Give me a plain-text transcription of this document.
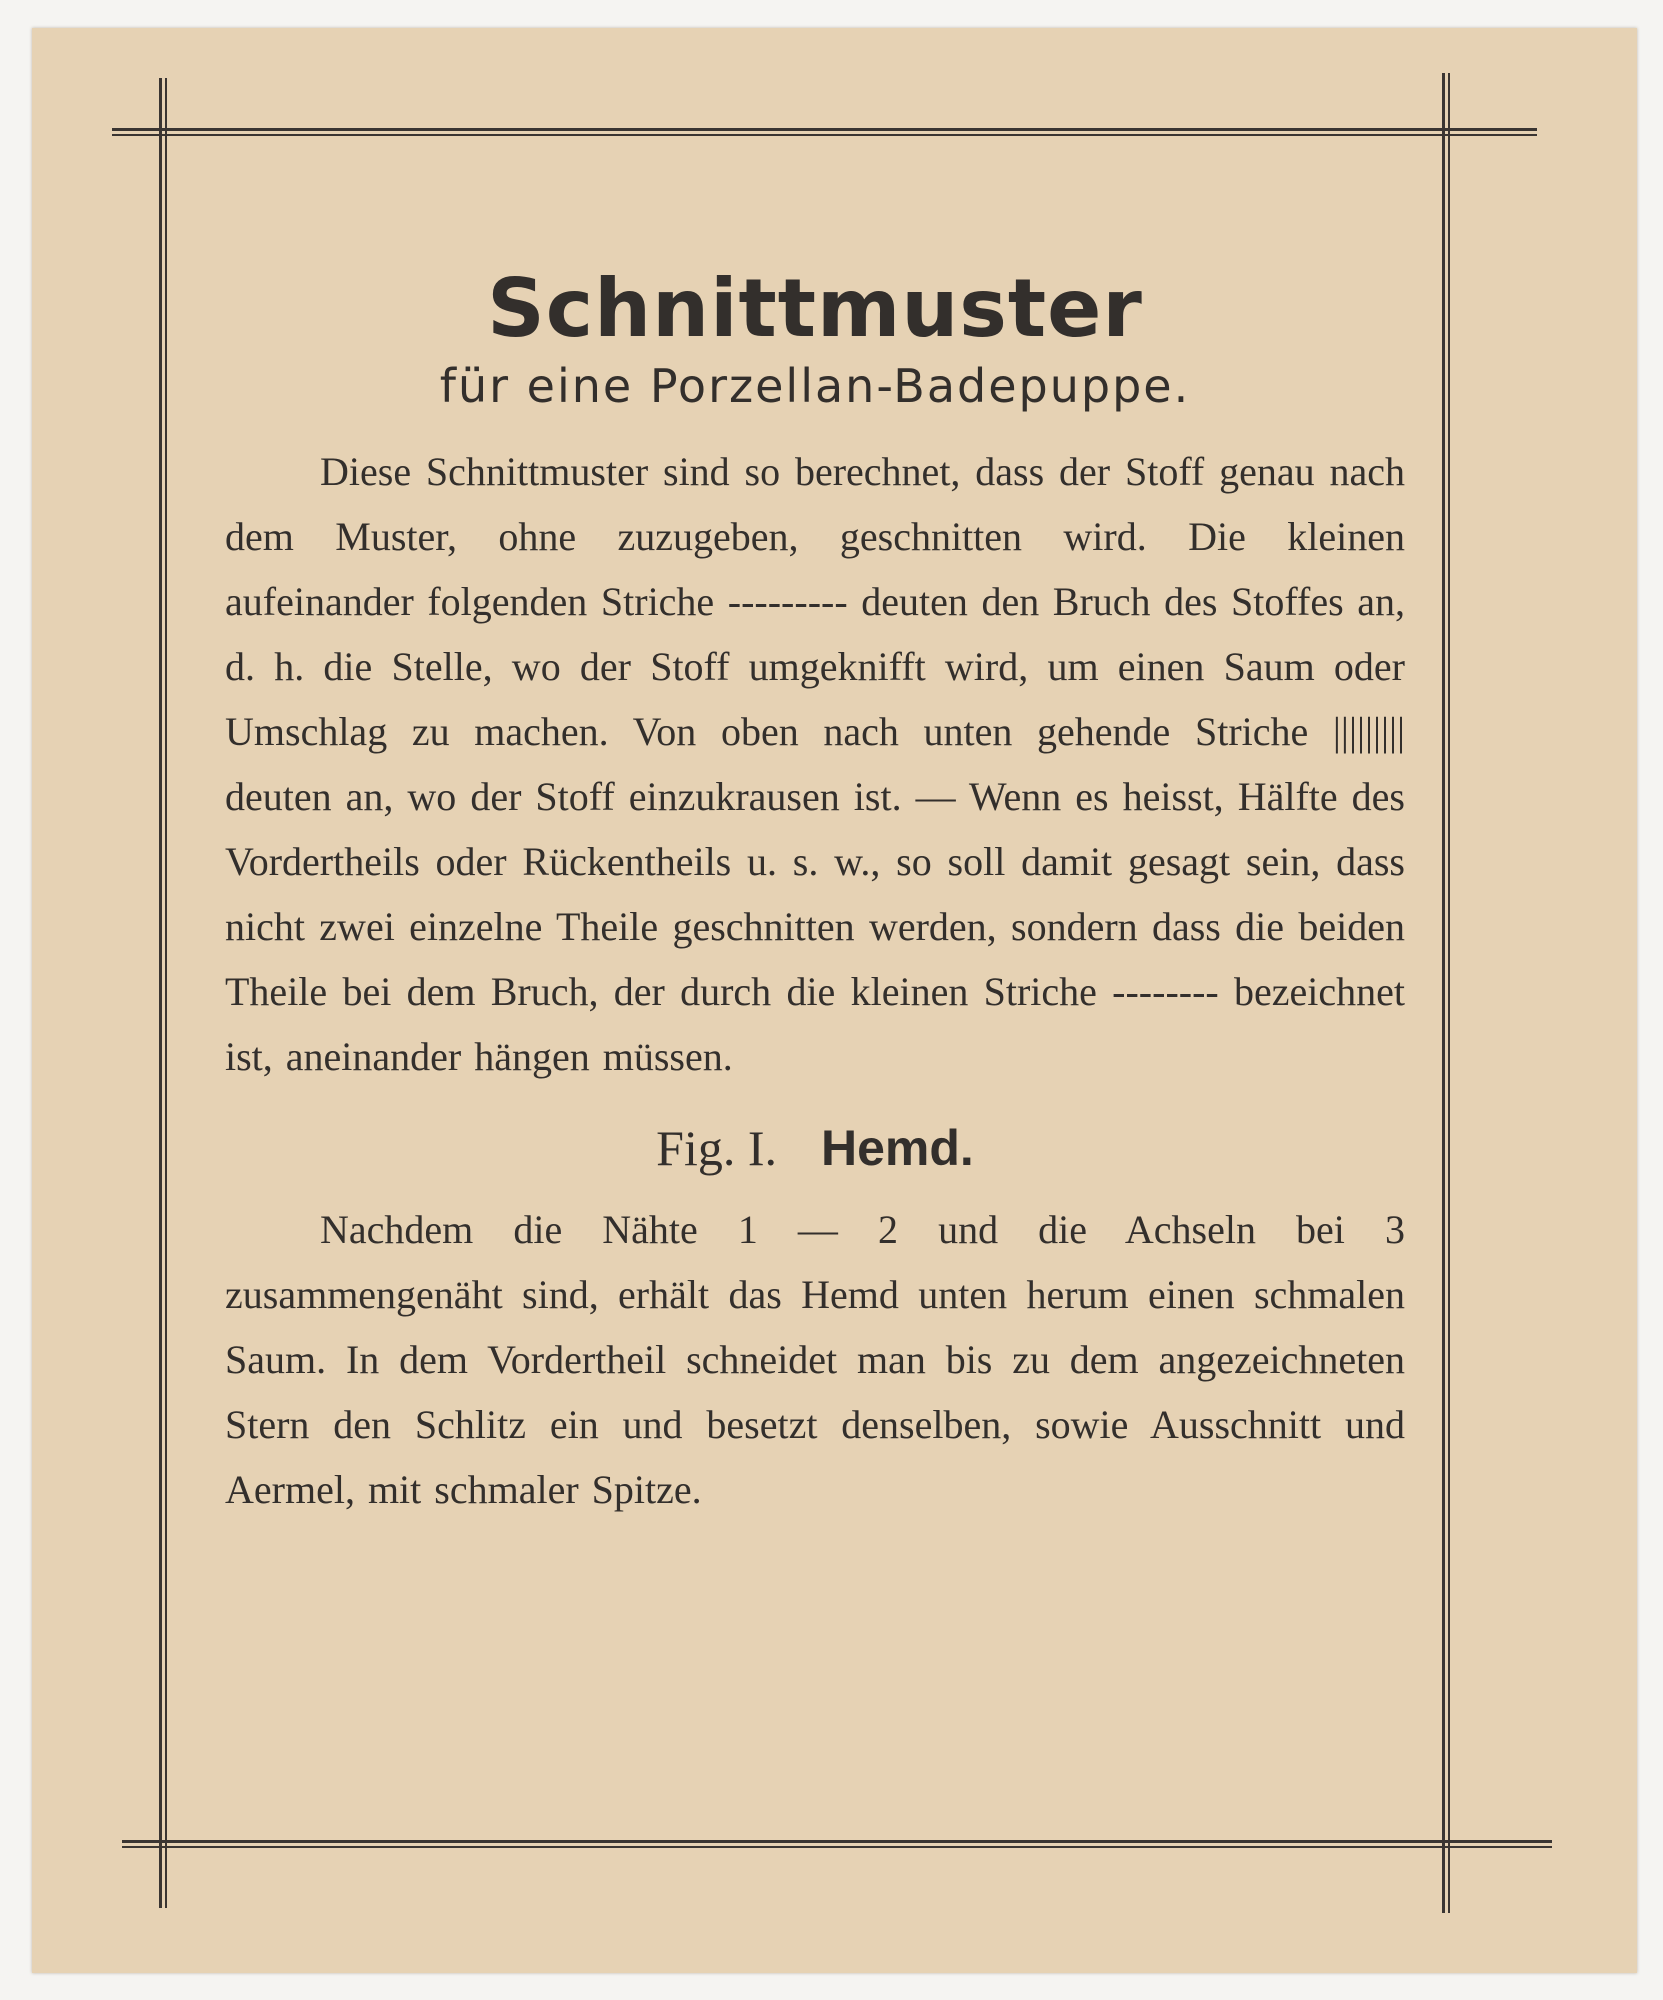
Schnittmuster
für eine Porzellan-Badepuppe.

Diese Schnittmuster sind so berechnet, dass der Stoff genau nach dem Muster, ohne zuzugeben, geschnitten wird. Die kleinen aufeinander folgenden Striche --------- deuten den Bruch des Stoffes an, d. h. die Stelle, wo der Stoff umgeknifft wird, um einen Saum oder Umschlag zu machen. Von oben nach unten gehende Striche ||||||||| deuten an, wo der Stoff einzukrausen ist. — Wenn es heisst, Hälfte des Vordertheils oder Rückentheils u. s. w., so soll damit gesagt sein, dass nicht zwei einzelne Theile geschnitten werden, sondern dass die beiden Theile bei dem Bruch, der durch die kleinen Striche -------- bezeichnet ist, aneinander hängen müssen.

Fig. I. Hemd.

Nachdem die Nähte 1 — 2 und die Achseln bei 3 zusammengenäht sind, erhält das Hemd unten herum einen schmalen Saum. In dem Vordertheil schneidet man bis zu dem angezeichneten Stern den Schlitz ein und besetzt denselben, sowie Ausschnitt und Aermel, mit schmaler Spitze.
